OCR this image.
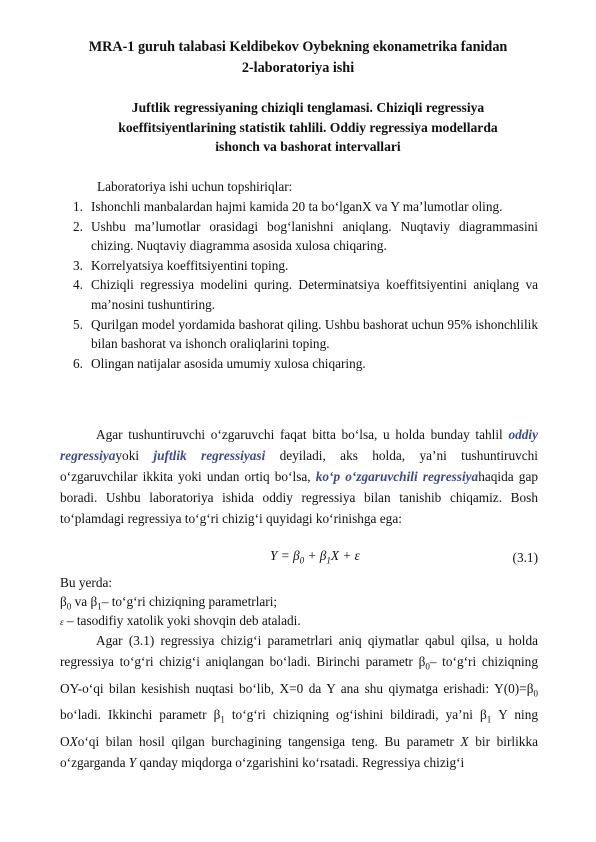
MRA-1 guruh talabasi Keldibekov Oybekning ekonametrika fanidan
2-laboratoriya ishi
Juftlik regressiyaning chiziqli tenglamasi. Chiziqli regressiya
koeffitsiyentlarining statistik tahlili. Oddiy regressiya modellarda
ishonch va bashorat intervallari
Laboratoriya ishi uchun topshiriqlar:
1. Ishonchli manbalardan hajmi kamida 20 ta bo‘lganX va Y ma’lumotlar oling.
2. Ushbu ma’lumotlar orasidagi bog‘lanishni aniqlang. Nuqtaviy diagrammasini chizing. Nuqtaviy diagramma asosida xulosa chiqaring.
3. Korrelyatsiya koeffitsiyentini toping.
4. Chiziqli regressiya modelini quring. Determinatsiya koeffitsiyentini aniqlang va ma’nosini tushuntiring.
5. Qurilgan model yordamida bashorat qiling. Ushbu bashorat uchun 95% ishonchlilik bilan bashorat va ishonch oraliqlarini toping.
6. Olingan natijalar asosida umumiy xulosa chiqaring.
Agar tushuntiruvchi o‘zgaruvchi faqat bitta bo‘lsa, u holda bunday tahlil oddiy regressiyayoki juftlik regressiyasi deyiladi, aks holda, ya’ni tushuntiruvchi o‘zgaruvchilar ikkita yoki undan ortiq bo‘lsa, ko‘p o‘zgaruvchili regressiyahaqida gap boradi. Ushbu laboratoriya ishida oddiy regressiya bilan tanishib chiqamiz. Bosh to‘plamdagi regressiya to‘g‘ri chizig‘i quyidagi ko‘rinishga ega:
$Y = \beta_0 + \beta_1X + \varepsilon$	(3.1)
Bu yerda:
$\beta_0$ va $\beta_1-$ to‘g‘ri chiziqning parametrlari;
ε – tasodifiy xatolik yoki shovqin deb ataladi.
Agar (3.1) regressiya chizig‘i parametrlari aniq qiymatlar qabul qilsa, u holda regressiya to‘g‘ri chizig‘i aniqlangan bo‘ladi. Birinchi parametr $\beta_0-$ to‘g‘ri chiziqning OY-o‘qi bilan kesishish nuqtasi bo‘lib, X=0 da Y ana shu qiymatga erishadi: $Y(0)=\beta_0$ bo‘ladi. Ikkinchi parametr $\beta_1$ to‘g‘ri chiziqning og‘ishini bildiradi, ya’ni $\beta_1$ Y ning OXo‘qi bilan hosil qilgan burchagining tangensiga teng. Bu parametr X bir birlikka o‘zgarganda Y qanday miqdorga o‘zgarishini ko‘rsatadi. Regressiya chizig‘i
